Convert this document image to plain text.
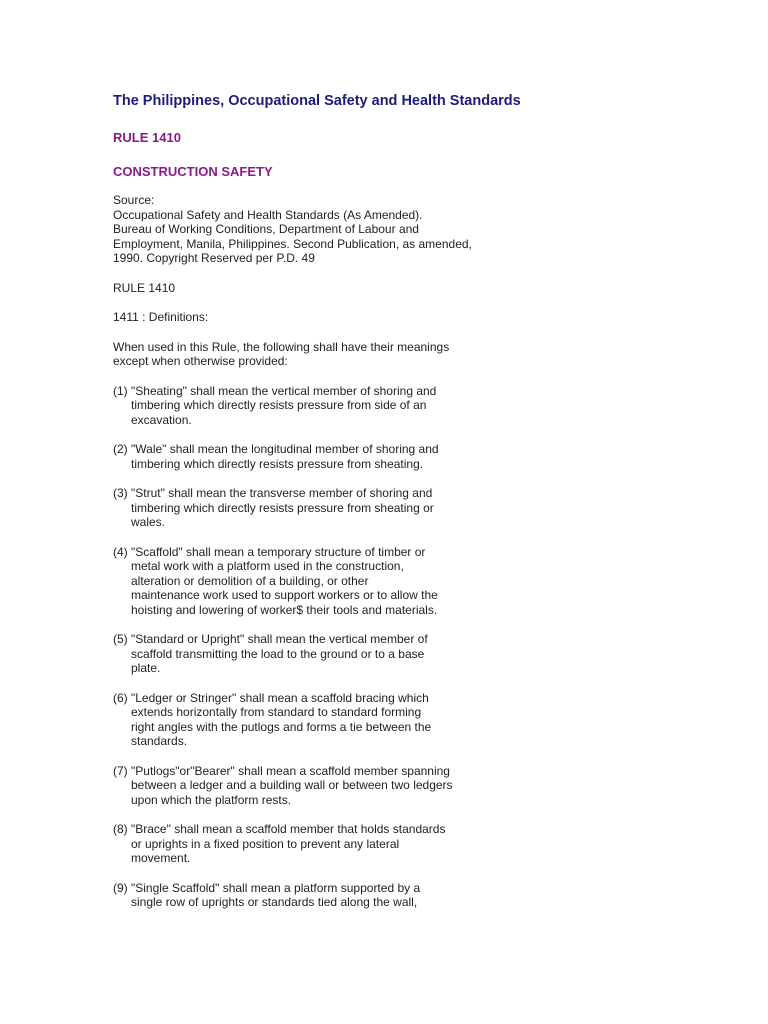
The Philippines, Occupational Safety and Health Standards
RULE 1410
CONSTRUCTION SAFETY
Source:
Occupational Safety and Health Standards (As Amended).
Bureau of Working Conditions, Department of Labour and
Employment, Manila, Philippines. Second Publication, as amended,
1990. Copyright Reserved per P.D. 49
RULE 1410
1411 : Definitions:
When used in this Rule, the following shall have their meanings
except when otherwise provided:
(1) "Sheating" shall mean the vertical member of shoring and
timbering which directly resists pressure from side of an
excavation.
(2) "Wale" shall mean the longitudinal member of shoring and
timbering which directly resists pressure from sheating.
(3) "Strut" shall mean the transverse member of shoring and
timbering which directly resists pressure from sheating or
wales.
(4) "Scaffold" shall mean a temporary structure of timber or
metal work with a platform used in the construction,
alteration or demolition of a building, or other
maintenance work used to support workers or to allow the
hoisting and lowering of worker$ their tools and materials.
(5) "Standard or Upright" shall mean the vertical member of
scaffold transmitting the load to the ground or to a base
plate.
(6) "Ledger or Stringer" shall mean a scaffold bracing which
extends horizontally from standard to standard forming
right angles with the putlogs and forms a tie between the
standards.
(7) "Putlogs"or"Bearer" shall mean a scaffold member spanning
between a ledger and a building wall or between two ledgers
upon which the platform rests.
(8) "Brace" shall mean a scaffold member that holds standards
or uprights in a fixed position to prevent any lateral
movement.
(9) "Single Scaffold" shall mean a platform supported by a
single row of uprights or standards tied along the wall,
